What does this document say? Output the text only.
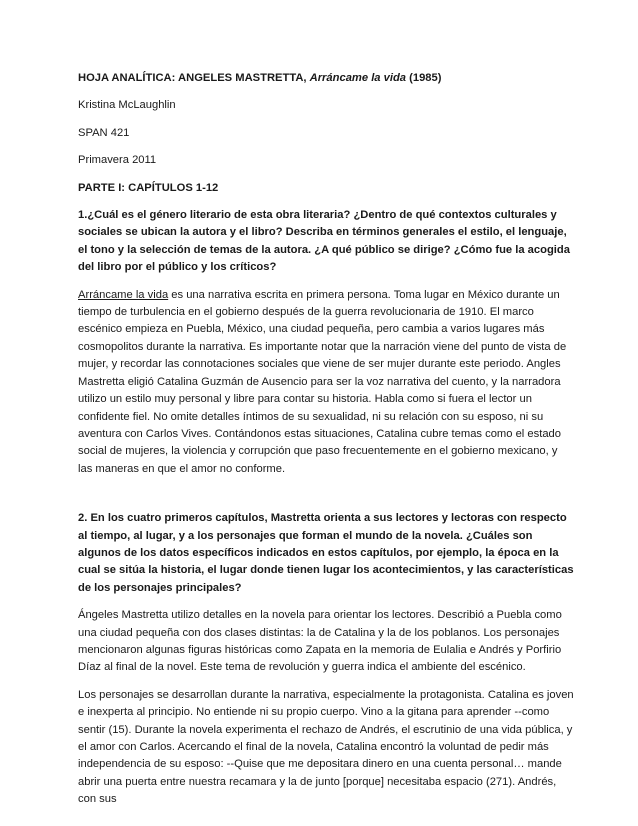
HOJA ANALÍTICA: ANGELES MASTRETTA, Arráncame la vida (1985)

Kristina McLaughlin

SPAN 421

Primavera 2011

PARTE I: CAPÍTULOS 1-12

1.¿Cuál es el género literario de esta obra literaria? ¿Dentro de qué contextos culturales y sociales se ubican la autora y el libro? Describa en términos generales el estilo, el lenguaje, el tono y la selección de temas de la autora. ¿A qué público se dirige? ¿Cómo fue la acogida del libro por el público y los críticos?

Arráncame la vida es una narrativa escrita en primera persona. Toma lugar en México durante un tiempo de turbulencia en el gobierno después de la guerra revolucionaria de 1910. El marco escénico empieza en Puebla, México, una ciudad pequeña, pero cambia a varios lugares más cosmopolitos durante la narrativa. Es importante notar que la narración viene del punto de vista de mujer, y recordar las connotaciones sociales que viene de ser mujer durante este periodo. Angles Mastretta eligió Catalina Guzmán de Ausencio para ser la voz narrativa del cuento, y la narradora utilizo un estilo muy personal y libre para contar su historia. Habla como si fuera el lector un confidente fiel. No omite detalles íntimos de su sexualidad, ni su relación con su esposo, ni su aventura con Carlos Vives. Contándonos estas situaciones, Catalina cubre temas como el estado social de mujeres, la violencia y corrupción que paso frecuentemente en el gobierno mexicano, y las maneras en que el amor no conforme.

2. En los cuatro primeros capítulos, Mastretta orienta a sus lectores y lectoras con respecto al tiempo, al lugar, y a los personajes que forman el mundo de la novela. ¿Cuáles son algunos de los datos específicos indicados en estos capítulos, por ejemplo, la época en la cual se sitúa la historia, el lugar donde tienen lugar los acontecimientos, y las características de los personajes principales?

Ángeles Mastretta utilizo detalles en la novela para orientar los lectores. Describió a Puebla como una ciudad pequeña con dos clases distintas: la de Catalina y la de los poblanos. Los personajes mencionaron algunas figuras históricas como Zapata en la memoria de Eulalia e Andrés y Porfirio Díaz al final de la novel. Este tema de revolución y guerra indica el ambiente del escénico.

Los personajes se desarrollan durante la narrativa, especialmente la protagonista. Catalina es joven e inexperta al principio. No entiende ni su propio cuerpo. Vino a la gitana para aprender --como sentir (15). Durante la novela experimenta el rechazo de Andrés, el escrutinio de una vida pública, y el amor con Carlos. Acercando el final de la novela, Catalina encontró la voluntad de pedir más independencia de su esposo: --Quise que me depositara dinero en una cuenta personal… mande abrir una puerta entre nuestra recamara y la de junto [porque] necesitaba espacio (271). Andrés, con sus
